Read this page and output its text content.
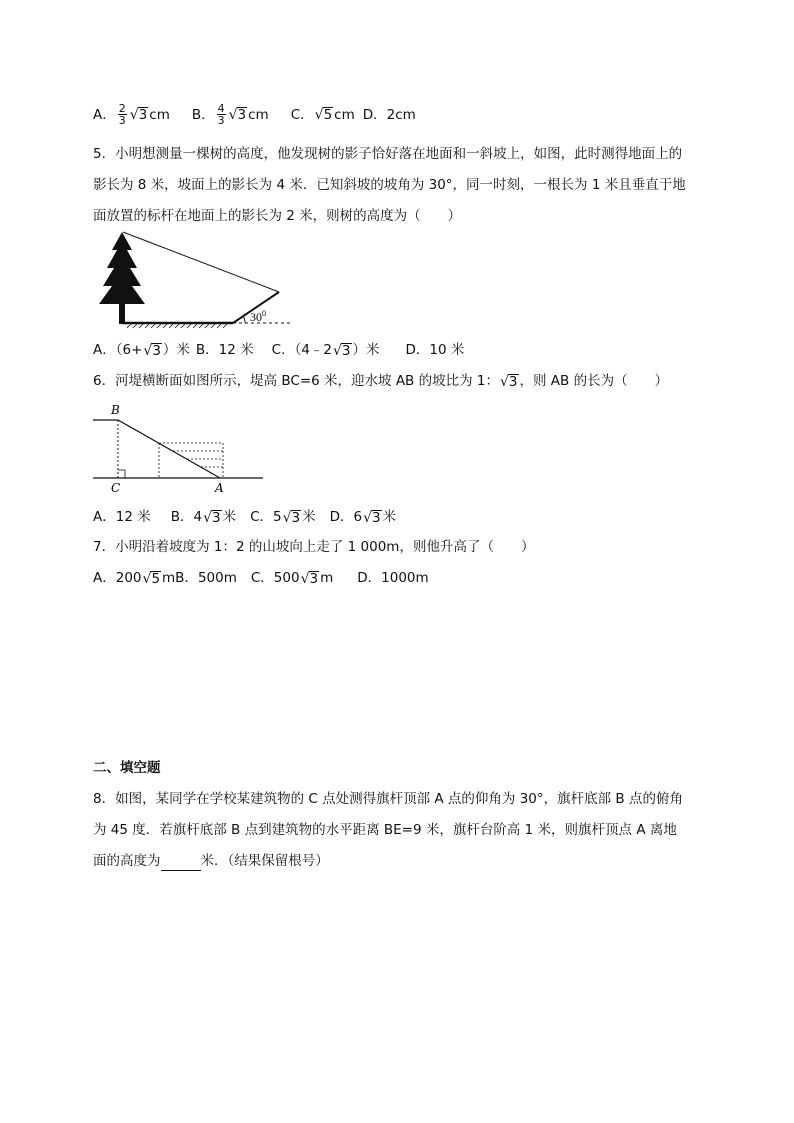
A． $\frac{2}{3}$ √ 3 cm B． $\frac{4}{3}$ √ 3 cm C． √ 5 cm D．2cm
5．小明想测量一棵树的高度，他发现树的影子恰好落在地面和一斜坡上，如图，此时测得地面上的
影长为 8 米，坡面上的影长为 4 米．已知斜坡的坡角为 30°，同一时刻，一根长为 1 米且垂直于地
面放置的标杆在地面上的影长为 2 米，则树的高度为（　　）
$30^0$
A．（6+ √ 3 ）米 B．12 米 C．（4﹣2 √ 3 ）米 D．10 米
6．河堤横断面如图所示，堤高 BC=6 米，迎水坡 AB 的坡比为 1： √ 3 ，则 AB 的长为（　　）
B
C	A
A．12 米 B．4 √ 3 米 C．5 √ 3 米 D．6 √ 3 米
7．小明沿着坡度为 1：2 的山坡向上走了 1 000m，则他升高了（　　）
A．200 √ 5 mB．500m C．500 √ 3 m D．1000m
二、填空题
8．如图，某同学在学校某建筑物的 C 点处测得旗杆顶部 A 点的仰角为 30°，旗杆底部 B 点的俯角
为 45 度．若旗杆底部 B 点到建筑物的水平距离 BE=9 米，旗杆台阶高 1 米，则旗杆顶点 A 离地
面的高度为	米．（结果保留根号）
